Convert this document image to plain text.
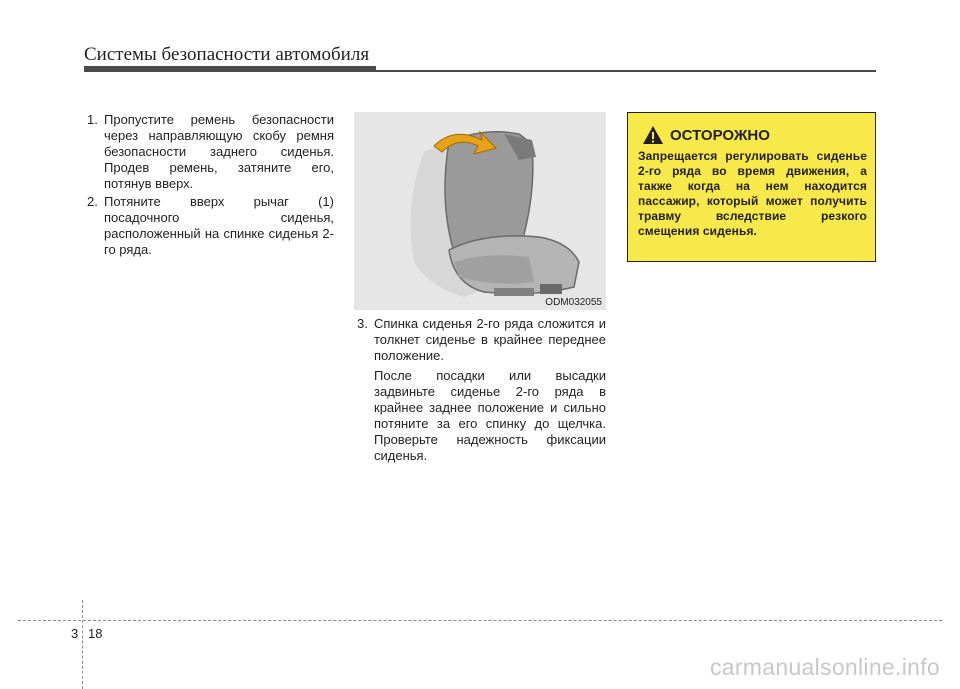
Системы безопасности автомобиля
1. Пропустите ремень безопасности через направляющую скобу ремня безопасности заднего сиденья. Продев ремень, затяните его, потянув вверх.

2. Потяните вверх рычаг (1) посадочного сиденья, расположенный на спинке сиденья 2-го ряда.

ODM032055
3. Спинка сиденья 2-го ряда сложится и толкнет сиденье в крайнее переднее положение.

После посадки или высадки задвиньте сиденье 2-го ряда в крайнее заднее положение и сильно потяните за его спинку до щелчка. Проверьте надежность фиксации сиденья.

ОСТОРОЖНО
Запрещается регулировать сиденье 2-го ряда во время движения, а также когда на нем находится пассажир, который может получить травму вследствие резкого смещения сиденья.
3 18
carmanualsonline.info
